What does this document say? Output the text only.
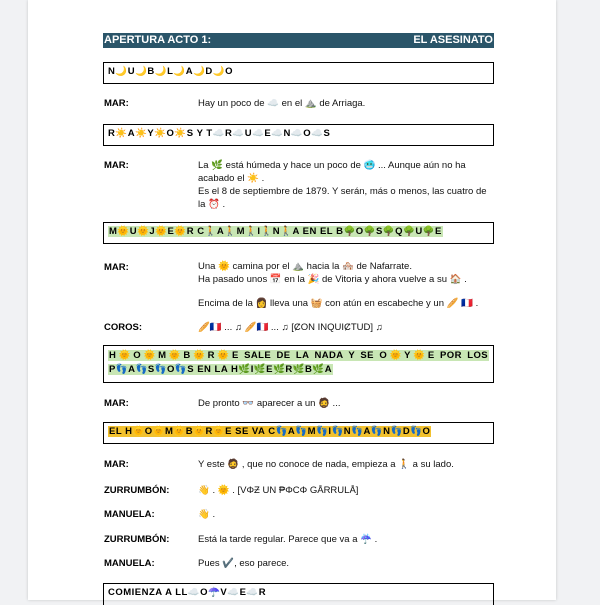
APERTURA ACTO 1:	EL ASESINATO
N🌙U🌙B🌙L🌙A🌙D🌙O
MAR:	Hay un poco de ☁️ en el ⛰️ de Arriaga.
R☀️A☀️Y☀️O☀️S Y T☁️R☁️U☁️E☁️N☁️O☁️S
MAR:	La 🌿 está húmeda y hace un poco de 🥶 ... Aunque aún no ha
acabado el ☀️ .
Es el 8 de septiembre de 1879. Y serán, más o menos, las cuatro de
la ⏰ .
M🌞U🌞J🌞E🌞R C🚶A🚶M🚶I🚶N🚶A EN EL B🌳O🌳S🌳Q🌳U🌳E
MAR:	Una 🌞 camina por el ⛰️ hacia la 🏘️ de Nafarrate.
Ha pasado unos 📅 en la 🎉 de Vitoria y ahora vuelve a su 🏠 .
Encima de la 👩 lleva una 🧺 con atún en escabeche y un 🥖 🇫🇷 .
COROS:	🥖🇫🇷 ... ♫ 🥖🇫🇷 ... ♫ [ȻON INQUIȻTUD] ♫
H🌞O🌞M🌞B🌞R🌞E SALE DE LA NADA Y SE O🌞Y🌞E POR LOS
P👣A👣S👣O👣S EN LA H🌿I🌿E🌿R🌿B🌿A
MAR:	De pronto 👓 aparecer a un 🧔 ...
EL H🌞O🌞M🌞B🌞R🌞E SE VA C👣A👣M👣I👣N👣A👣N👣D👣O
MAR:	Y este 🧔 , que no conoce de nada, empieza a 🚶 a su lado.
ZURRUMBÓN:	👋 . 🌞 . [VΦƵ UN ₱ΦϹΦ GÅRRULÅ]
MANUELA:	👋 .
ZURRUMBÓN:	Está la tarde regular. Parece que va a ☔ .
MANUELA:	Pues ✔️, eso parece.
COMIENZA A LL☁️O☂️V☁️E☁️R
